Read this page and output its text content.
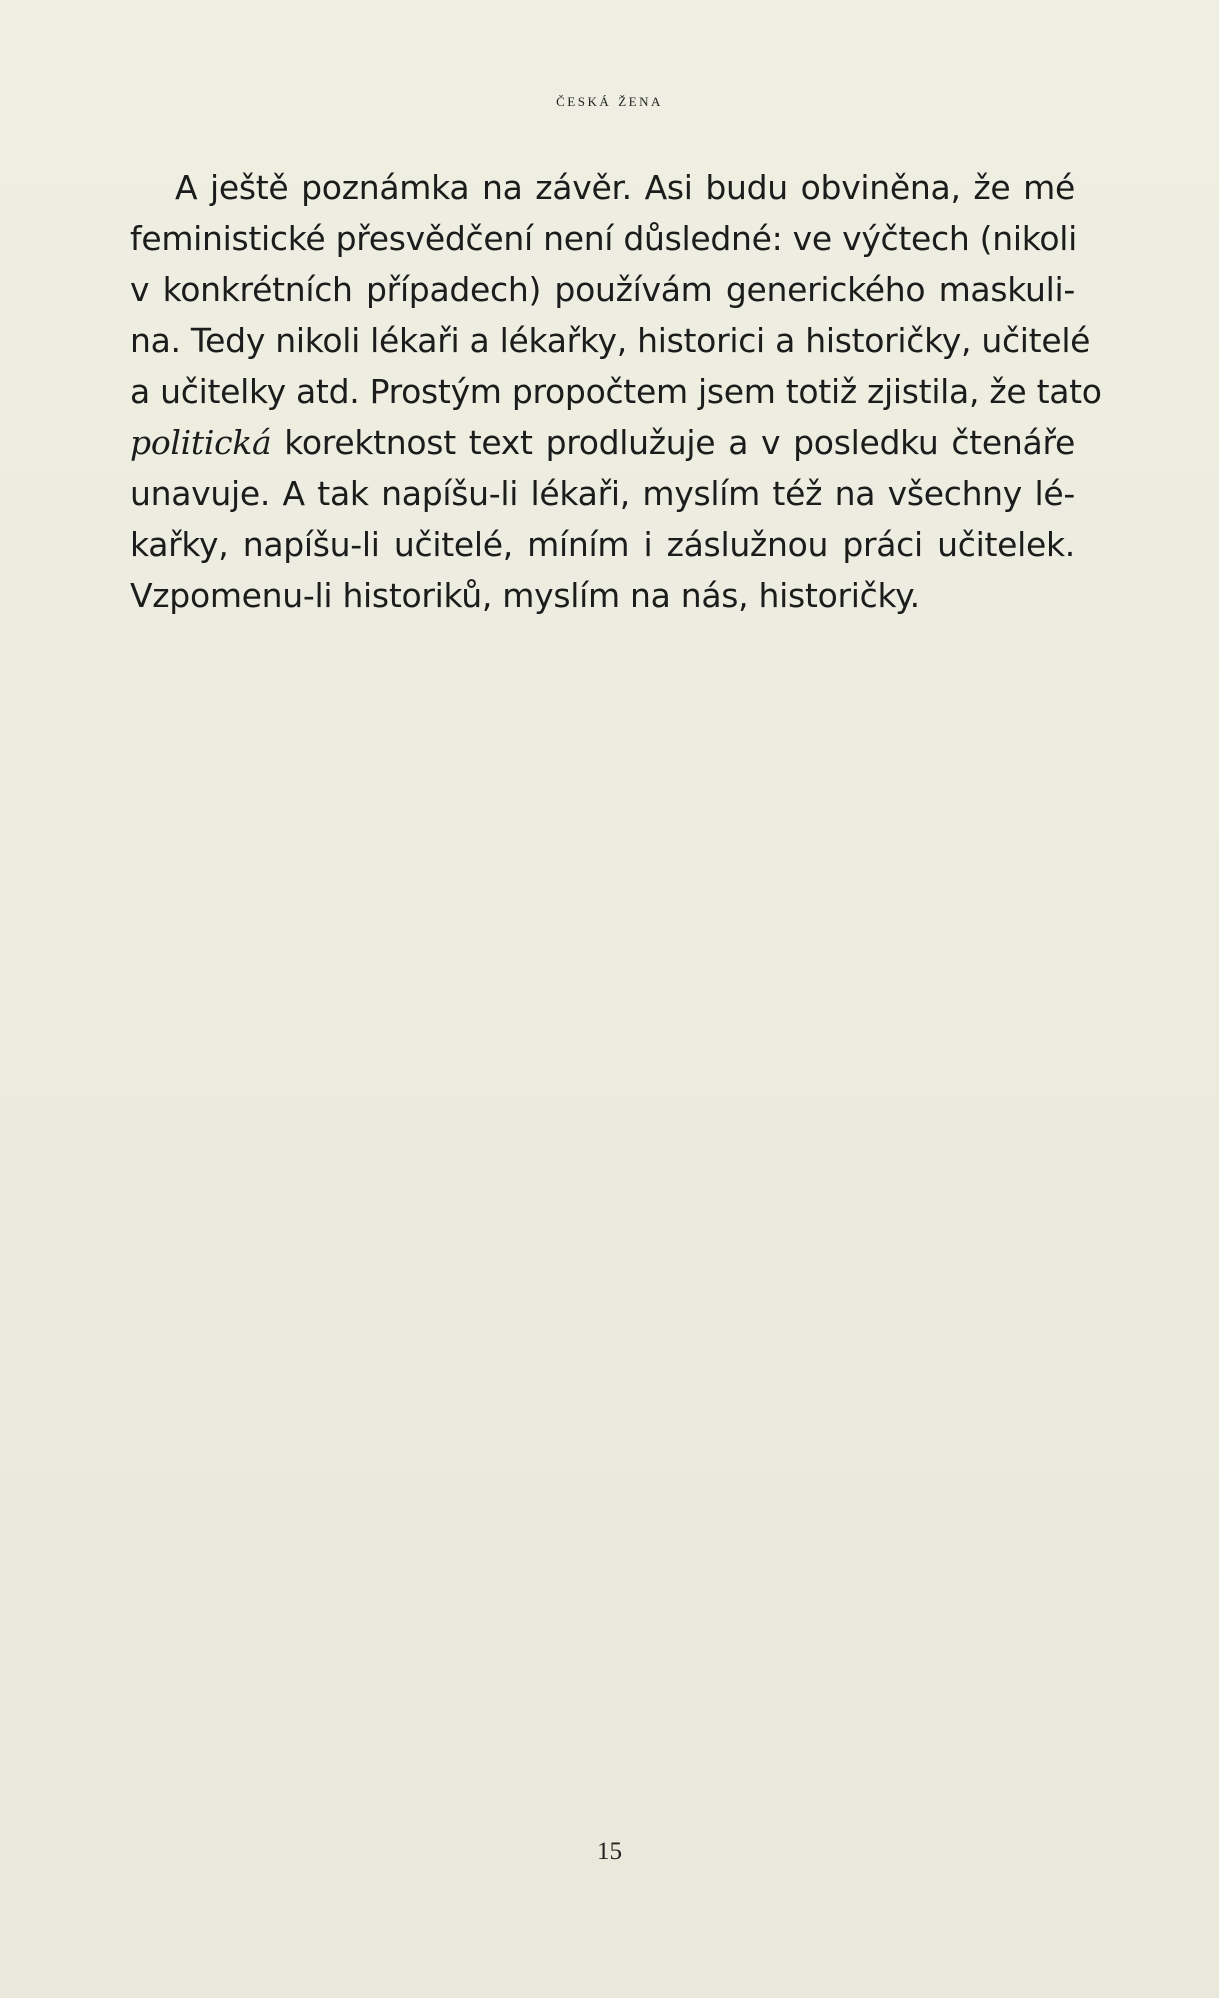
česká žena
A ještě poznámka na závěr. Asi budu obviněna, že mé
feministické přesvědčení není důsledné: ve výčtech (nikoli
v konkrétních případech) používám generického maskuli-
na. Tedy nikoli lékaři a lékařky, historici a historičky, učitelé
a učitelky atd. Prostým propočtem jsem totiž zjistila, že tato
politická korektnost text prodlužuje a v posledku čtenáře
unavuje. A tak napíšu-li lékaři, myslím též na všechny lé-
kařky, napíšu-li učitelé, míním i záslužnou práci učitelek.
Vzpomenu-li historiků, myslím na nás, historičky.
15
